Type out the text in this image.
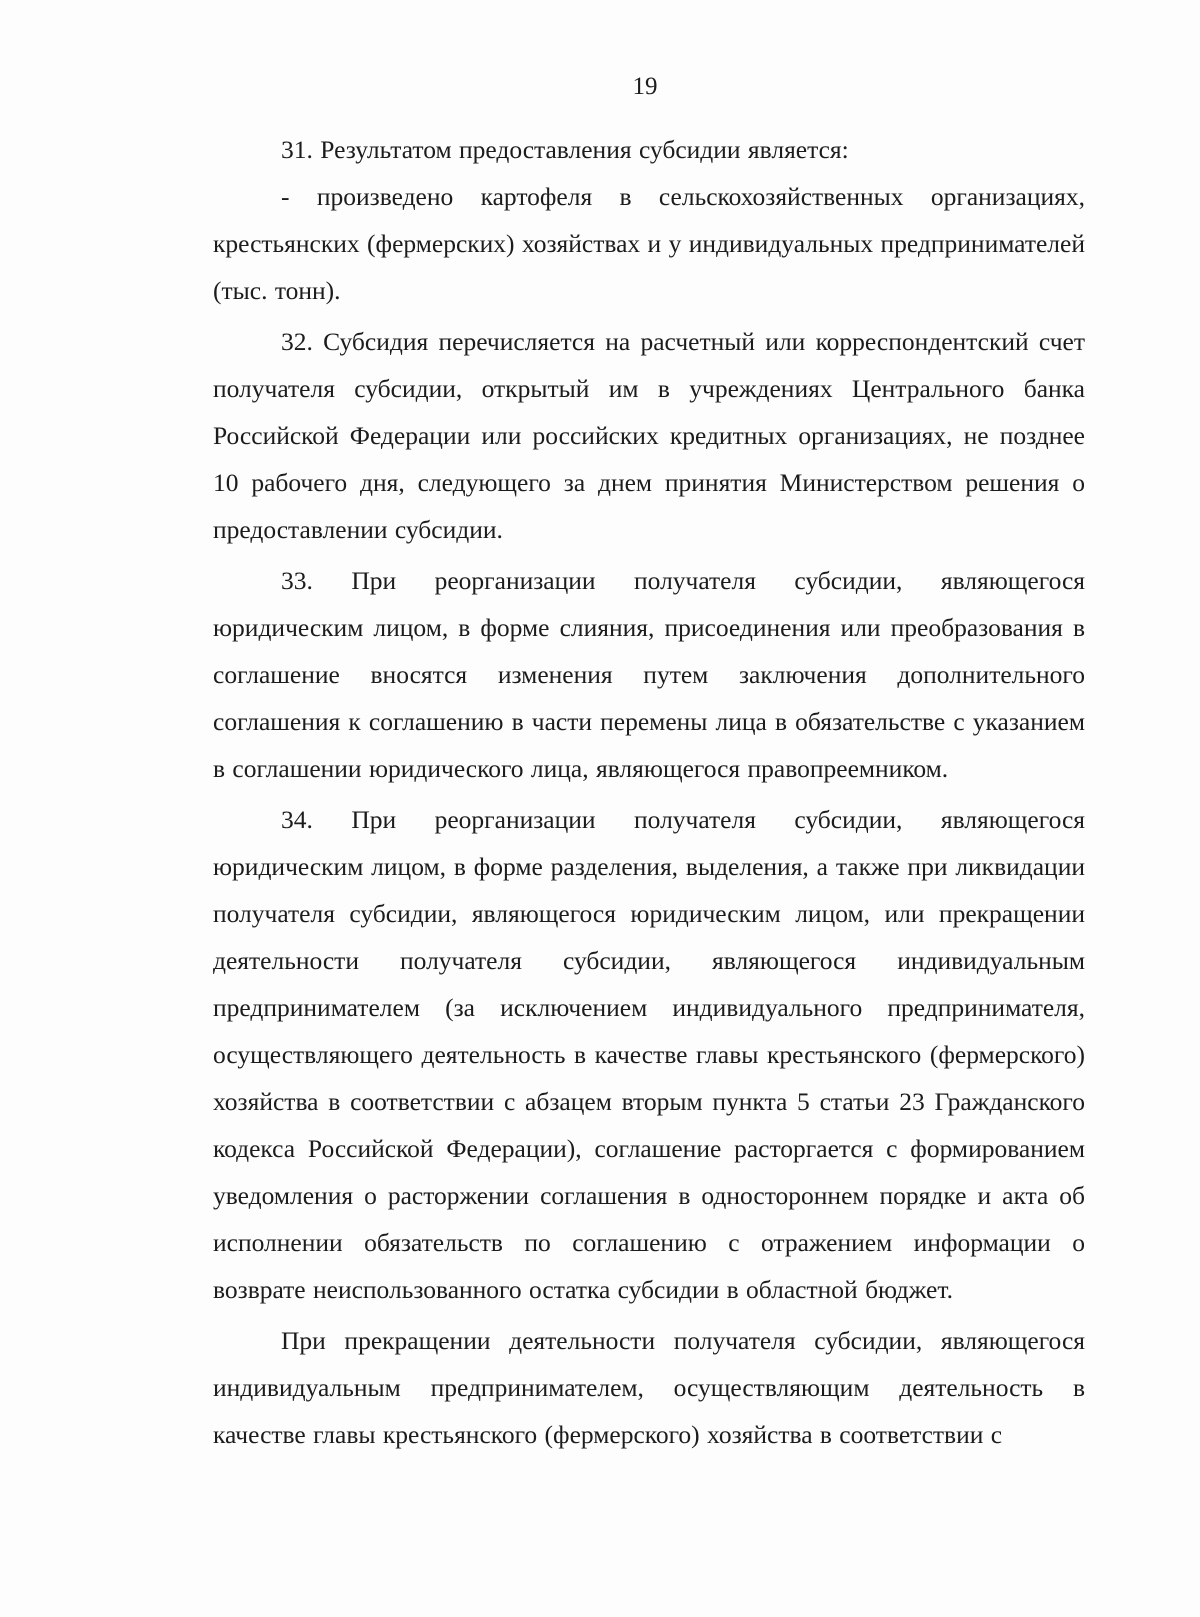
19

31. Результатом предоставления субсидии является:

- произведено картофеля в сельскохозяйственных организациях, крестьянских (фермерских) хозяйствах и у индивидуальных предпринимателей (тыс. тонн).

32. Субсидия перечисляется на расчетный или корреспондентский счет получателя субсидии, открытый им в учреждениях Центрального банка Российской Федерации или российских кредитных организациях, не позднее 10 рабочего дня, следующего за днем принятия Министерством решения о предоставлении субсидии.

33. При реорганизации получателя субсидии, являющегося юридическим лицом, в форме слияния, присоединения или преобразования в соглашение вносятся изменения путем заключения дополнительного соглашения к соглашению в части перемены лица в обязательстве с указанием в соглашении юридического лица, являющегося правопреемником.

34. При реорганизации получателя субсидии, являющегося юридическим лицом, в форме разделения, выделения, а также при ликвидации получателя субсидии, являющегося юридическим лицом, или прекращении деятельности получателя субсидии, являющегося индивидуальным предпринимателем (за исключением индивидуального предпринимателя, осуществляющего деятельность в качестве главы крестьянского (фермерского) хозяйства в соответствии с абзацем вторым пункта 5 статьи 23 Гражданского кодекса Российской Федерации), соглашение расторгается с формированием уведомления о расторжении соглашения в одностороннем порядке и акта об исполнении обязательств по соглашению с отражением информации о возврате неиспользованного остатка субсидии в областной бюджет.

При прекращении деятельности получателя субсидии, являющегося индивидуальным предпринимателем, осуществляющим деятельность в качестве главы крестьянского (фермерского) хозяйства в соответствии с
